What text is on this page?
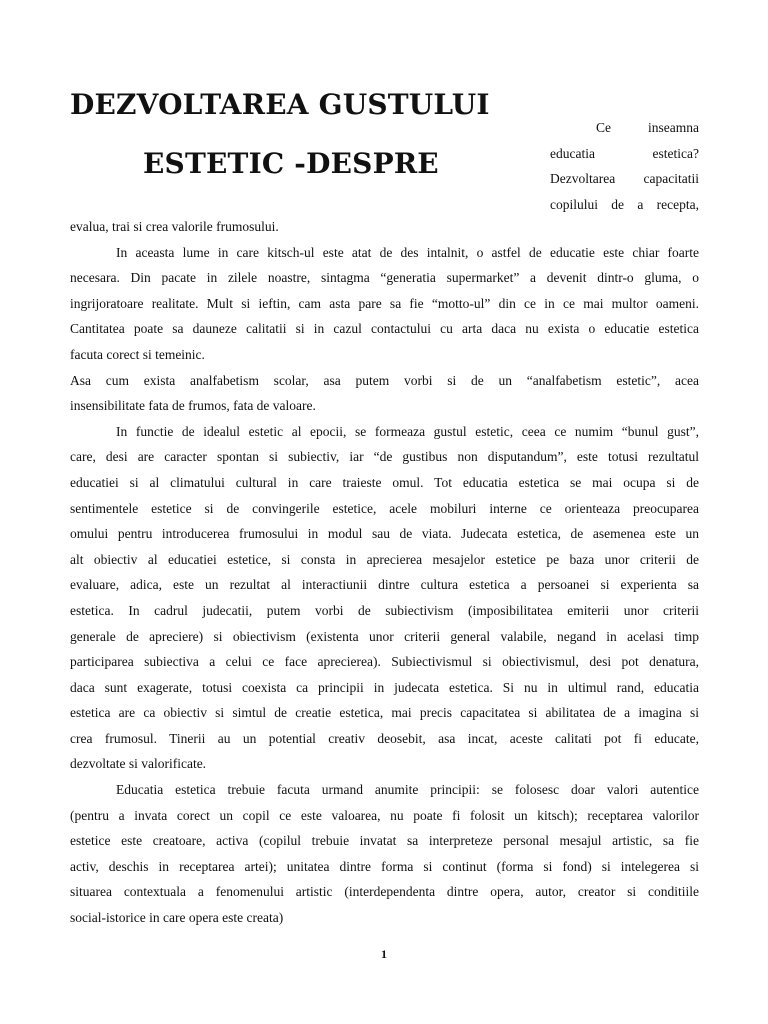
DEZVOLTAREA GUSTULUI
ESTETIC -DESPRE
Ce inseamna
educatia estetica?
Dezvoltarea capacitatii
copilului de a recepta,
evalua, trai si crea valorile frumosului.
In aceasta lume in care kitsch-ul este atat de des intalnit, o astfel de educatie este chiar foarte
necesara. Din pacate in zilele noastre, sintagma “generatia supermarket” a devenit dintr-o gluma, o
ingrijoratoare realitate. Mult si ieftin, cam asta pare sa fie “motto-ul” din ce in ce mai multor oameni.
Cantitatea poate sa dauneze calitatii si in cazul contactului cu arta daca nu exista o educatie estetica
facuta corect si temeinic.
Asa cum exista analfabetism scolar, asa putem vorbi si de un “analfabetism estetic”, acea
insensibilitate fata de frumos, fata de valoare.
In functie de idealul estetic al epocii, se formeaza gustul estetic, ceea ce numim “bunul gust”,
care, desi are caracter spontan si subiectiv, iar “de gustibus non disputandum”, este totusi rezultatul
educatiei si al climatului cultural in care traieste omul. Tot educatia estetica se mai ocupa si de
sentimentele estetice si de convingerile estetice, acele mobiluri interne ce orienteaza preocuparea
omului pentru introducerea frumosului in modul sau de viata. Judecata estetica, de asemenea este un
alt obiectiv al educatiei estetice, si consta in aprecierea mesajelor estetice pe baza unor criterii de
evaluare, adica, este un rezultat al interactiunii dintre cultura estetica a persoanei si experienta sa
estetica. In cadrul judecatii, putem vorbi de subiectivism (imposibilitatea emiterii unor criterii
generale de apreciere) si obiectivism (existenta unor criterii general valabile, negand in acelasi timp
participarea subiectiva a celui ce face aprecierea). Subiectivismul si obiectivismul, desi pot denatura,
daca sunt exagerate, totusi coexista ca principii in judecata estetica. Si nu in ultimul rand, educatia
estetica are ca obiectiv si simtul de creatie estetica, mai precis capacitatea si abilitatea de a imagina si
crea frumosul. Tinerii au un potential creativ deosebit, asa incat, aceste calitati pot fi educate,
dezvoltate si valorificate.
Educatia estetica trebuie facuta urmand anumite principii: se folosesc doar valori autentice
(pentru a invata corect un copil ce este valoarea, nu poate fi folosit un kitsch); receptarea valorilor
estetice este creatoare, activa (copilul trebuie invatat sa interpreteze personal mesajul artistic, sa fie
activ, deschis in receptarea artei); unitatea dintre forma si continut (forma si fond) si intelegerea si
situarea contextuala a fenomenului artistic (interdependenta dintre opera, autor, creator si conditiile
social-istorice in care opera este creata)
1
